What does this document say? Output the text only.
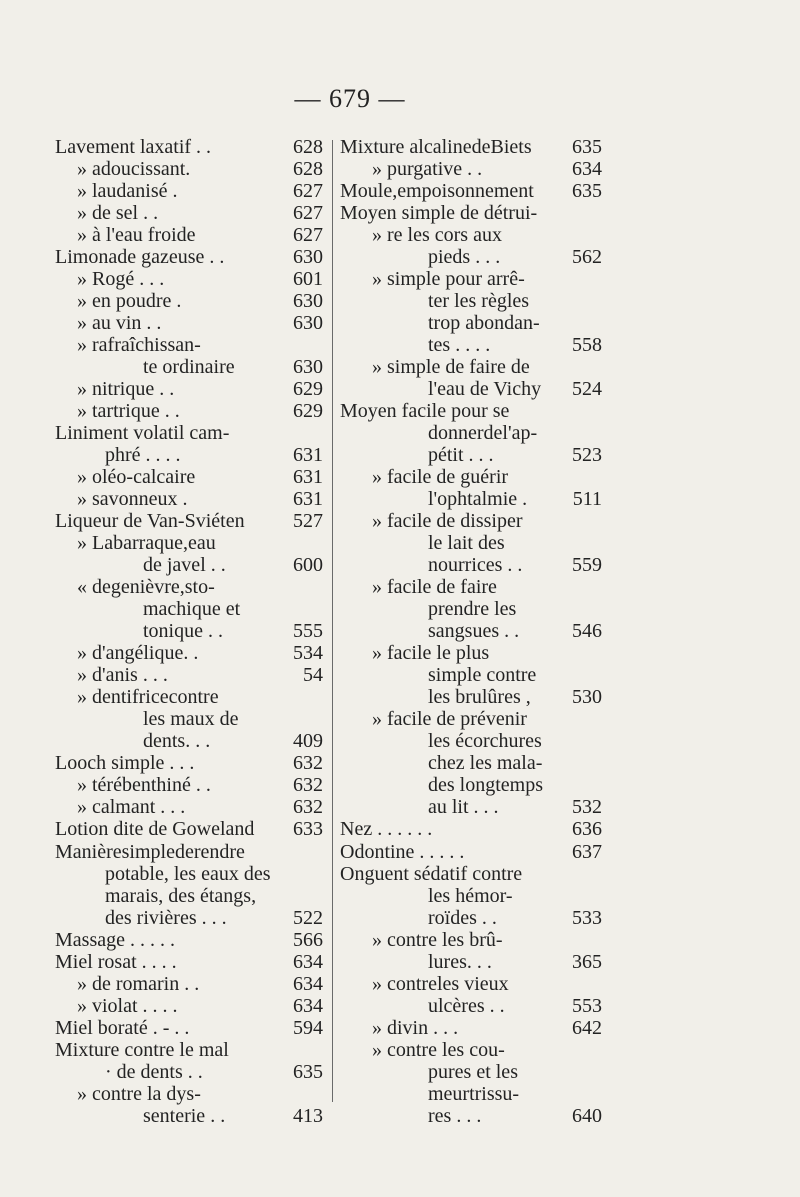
— 679 —
Lavement laxatif . .	628
» adoucissant.	628
» laudanisé .	627
» de sel . .	627
» à l'eau froide	627
Limonade gazeuse . .	630
» Rogé . . .	601
» en poudre .	630
» au vin . .	630
» rafraîchissan-
te ordinaire	630
» nitrique . .	629
» tartrique . .	629
Liniment volatil cam-
phré . . . .	631
» oléo-calcaire	631
» savonneux .	631
Liqueur de Van-Sviéten 527
» Labarraque,eau
de javel . .	600
« degenièvre,sto-
machique et
tonique . .	555
» d'angélique. .	534
» d'anis . . .	54
» dentifricecontre
les maux de
dents. . .	409
Looch simple . . .	632
» térébenthiné . .	632
» calmant . . .	632
Lotion dite de Goweland 633
Manièresimplederendre
potable, les eaux des
marais, des étangs,
des rivières . . .	522
Massage . . . . .	566
Miel rosat . . . .	634
» de romarin . .	634
» violat . . . .	634
Miel boraté . - . .	594
Mixture contre le mal
· de dents . .	635
» contre la dys-
senterie . .	413
Mixture alcalinedeBiets 635
» purgative . .	634
Moule,empoisonnement 635
Moyen simple de détrui-
» re les cors aux
pieds . . .	562
» simple pour arrê-
ter les règles
trop abondan-
tes . . . .	558
» simple de faire de
l'eau de Vichy 524
Moyen facile pour se
donnerdel'ap-
pétit . . .	523
» facile de guérir
l'ophtalmie . 511
» facile de dissiper
le lait des
nourrices . . 559
» facile de faire
prendre les
sangsues . .	546
» facile le plus
simple contre
les brulûres , 530
» facile de prévenir
les écorchures
chez les mala-
des longtemps
au lit . . .	532
Nez . . . . . .	636
Odontine . . . . .	637
Onguent sédatif contre
les hémor-
roïdes . .	533
» contre les brû-
lures. . .	365
» contreles vieux
ulcères . .	553
» divin . . .	642
» contre les cou-
pures et les
meurtrissu-
res . . .	640
